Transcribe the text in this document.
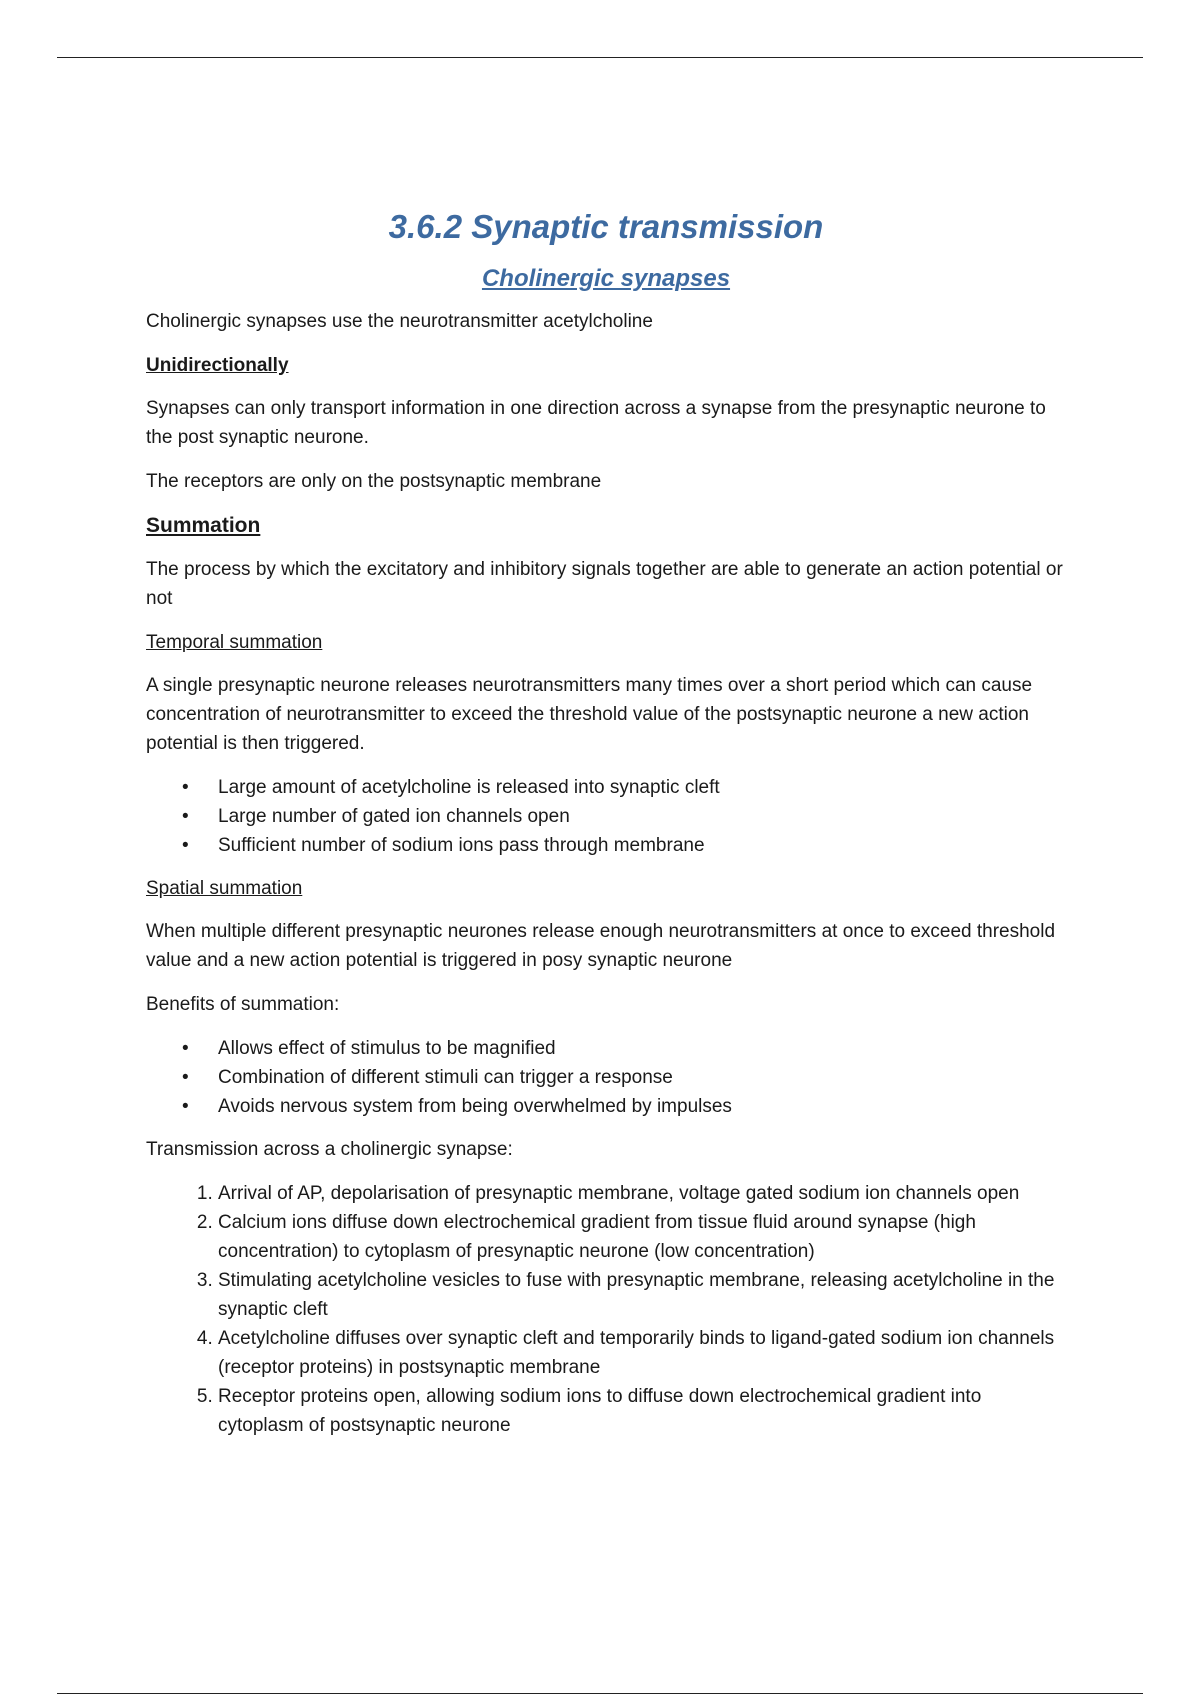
3.6.2 Synaptic transmission
Cholinergic synapses

Cholinergic synapses use the neurotransmitter acetylcholine

Unidirectionally

Synapses can only transport information in one direction across a synapse from the presynaptic neurone to the post synaptic neurone.

The receptors are only on the postsynaptic membrane

Summation

The process by which the excitatory and inhibitory signals together are able to generate an action potential or not

Temporal summation

A single presynaptic neurone releases neurotransmitters many times over a short period which can cause concentration of neurotransmitter to exceed the threshold value of the postsynaptic neurone a new action potential is then triggered.

• Large amount of acetylcholine is released into synaptic cleft
• Large number of gated ion channels open
• Sufficient number of sodium ions pass through membrane
Spatial summation

When multiple different presynaptic neurones release enough neurotransmitters at once to exceed threshold value and a new action potential is triggered in posy synaptic neurone

Benefits of summation:

• Allows effect of stimulus to be magnified
• Combination of different stimuli can trigger a response
• Avoids nervous system from being overwhelmed by impulses

Transmission across a cholinergic synapse:

1. Arrival of AP, depolarisation of presynaptic membrane, voltage gated sodium ion channels open
2. Calcium ions diffuse down electrochemical gradient from tissue fluid around synapse (high concentration) to cytoplasm of presynaptic neurone (low concentration)
3. Stimulating acetylcholine vesicles to fuse with presynaptic membrane, releasing acetylcholine in the synaptic cleft
4. Acetylcholine diffuses over synaptic cleft and temporarily binds to ligand-gated sodium ion channels (receptor proteins) in postsynaptic membrane
5. Receptor proteins open, allowing sodium ions to diffuse down electrochemical gradient into cytoplasm of postsynaptic neurone
